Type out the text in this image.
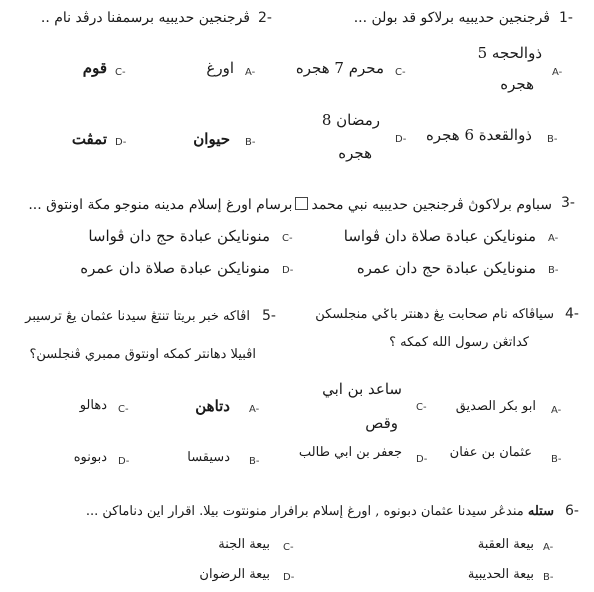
1-
ڤرجنجين حديبيه برلاكو قد بولن ...
A-
ذوالحجه 5
هجره
B-
ذوالقعدة 6 هجره
C-
محرم 7 هجره
D-
رمضان 8
هجره
2-
ڤرجنجين حديبيه برسمفنا درڤد نام ..
A-
اورغ
B-
حيوان
C-
قوم
D-
تمڤت
3-
سباوم برلاكوڽ ڤرجنجين حديبيه نبي محمدبرسام اورغ إسلام مدينه منوجو مكة اونتوق ...
A-
منونايكن عبادة صلاة دان ڤواسا
B-
منونايكن عبادة حج دان عمره
C-
منونايكن عبادة حج دان ڤواسا
D-
منونايكن عبادة صلاة دان عمره
4-
سياڤاكه نام صحابت يڠ دهنتر باݢي منجلسكن
كداتڠن رسول الله كمكه ؟
A-
ابو بكر الصديق
B-
عثمان بن عفان
C-
ساعد بن ابي
وقص
D-
جعفر بن ابي طالب
5-
اڤاكه خبر بريتا تنتڠ سيدنا عثمان يڠ ترسيبر
اڤبيلا دهانتر كمكه اونتوق ممبري ڤنجلسن؟
A-
دتاهن
B-
دسيقسا
C-
دهالو
D-
دبونوه
6-
ستله مندڠر سيدنا عثمان دبونوه , اورغ إسلام برافرار منونتوت بيلا. اقرار اين دناماكن ...
A-
بيعة العقبة
B-
بيعة الحديبية
C-
بيعة الجنة
D-
بيعة الرضوان
